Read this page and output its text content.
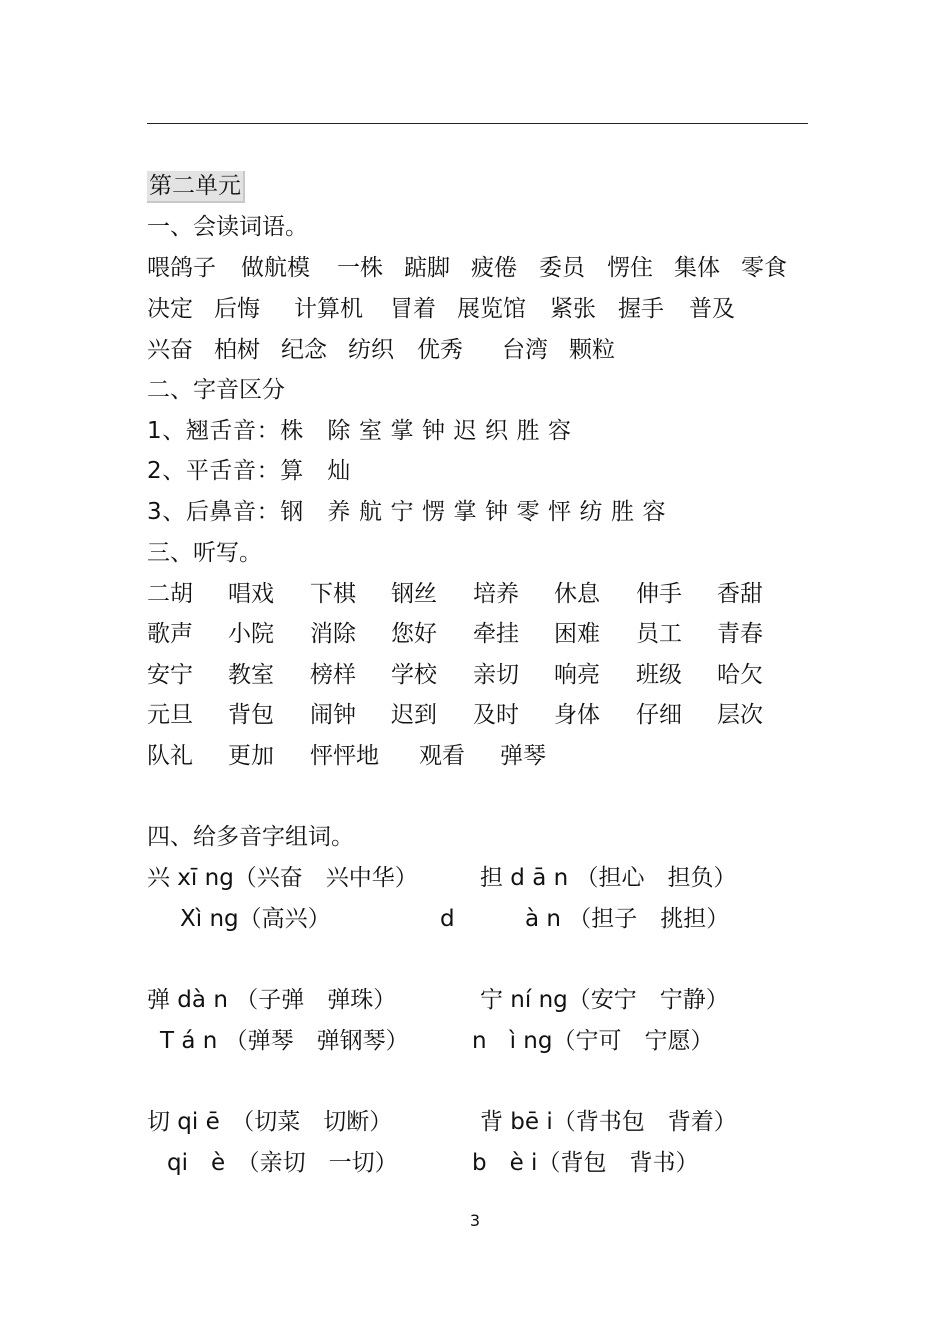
第二单元
一、会读词语。
喂鸽子 做航模 一株 踮脚 疲倦 委员 愣住 集体 零食
决定 后悔 计算机 冒着 展览馆 紧张 握手 普及
兴奋 柏树 纪念 纺织 优秀 台湾 颗粒
二、字音区分
1、翘舌音：株　除 室 掌 钟 迟 织 胜 容
2、平舌音：算　灿
3、后鼻音：钢　养 航 宁 愣 掌 钟 零 怦 纺 胜 容
三、听写。
二胡 唱戏 下棋 钢丝 培养 休息 伸手 香甜
歌声 小院 消除 您好 牵挂 困难 员工 青春
安宁 教室 榜样 学校 亲切 响亮 班级 哈欠
元旦 背包 闹钟 迟到 及时 身体 仔细 层次
队礼 更加 怦怦地 观看 弹琴
四、给多音字组词。
兴 xī ng（兴奋　兴中华）	担 d ā n （担心　担负）
Xì ng（高兴）	d	à n （担子　挑担）
弹 dà n （子弹　弹珠）	宁 ní ng（安宁　宁静）
T á n （弹琴　弹钢琴）	n　ì ng（宁可　宁愿）
切 qi ē　（切菜　切断）	背 bē i（背书包　背着）
qi　è　（亲切　一切）	b　è i（背包　背书）
3
